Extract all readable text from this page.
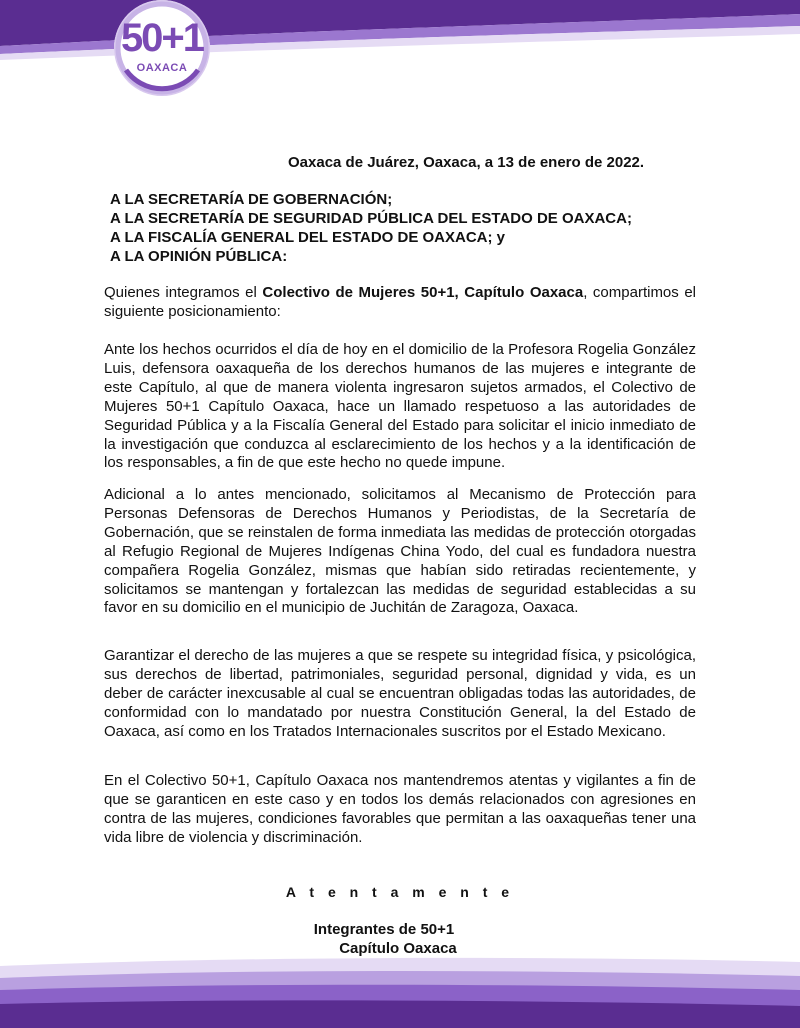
50+1
OAXACA
Oaxaca de Juárez, Oaxaca, a 13 de enero de 2022.
A LA SECRETARÍA DE GOBERNACIÓN;
A LA SECRETARÍA DE SEGURIDAD PÚBLICA DEL ESTADO DE OAXACA;
A LA FISCALÍA GENERAL DEL ESTADO DE OAXACA; y
A LA OPINIÓN PÚBLICA:

Quienes integramos el Colectivo de Mujeres 50+1, Capítulo Oaxaca, compartimos el siguiente posicionamiento:

Ante los hechos ocurridos el día de hoy en el domicilio de la Profesora Rogelia González Luis, defensora oaxaqueña de los derechos humanos de las mujeres e integrante de este Capítulo, al que de manera violenta ingresaron sujetos armados, el Colectivo de Mujeres 50+1 Capítulo Oaxaca, hace un llamado respetuoso a las autoridades de Seguridad Pública y a la Fiscalía General del Estado para solicitar el inicio inmediato de la investigación que conduzca al esclarecimiento de los hechos y a la identificación de los responsables, a fin de que este hecho no quede impune.

Adicional a lo antes mencionado, solicitamos al Mecanismo de Protección para Personas Defensoras de Derechos Humanos y Periodistas, de la Secretaría de Gobernación, que se reinstalen de forma inmediata las medidas de protección otorgadas al Refugio Regional de Mujeres Indígenas China Yodo, del cual es fundadora nuestra compañera Rogelia González, mismas que habían sido retiradas recientemente, y solicitamos se mantengan y fortalezcan las medidas de seguridad establecidas a su favor en su domicilio en el municipio de Juchitán de Zaragoza, Oaxaca.

Garantizar el derecho de las mujeres a que se respete su integridad física, y psicológica, sus derechos de libertad, patrimoniales, seguridad personal, dignidad y vida, es un deber de carácter inexcusable al cual se encuentran obligadas todas las autoridades, de conformidad con lo mandatado por nuestra Constitución General, la del Estado de Oaxaca, así como en los Tratados Internacionales suscritos por el Estado Mexicano.

En el Colectivo 50+1, Capítulo Oaxaca nos mantendremos atentas y vigilantes a fin de que se garanticen en este caso y en todos los demás relacionados con agresiones en contra de las mujeres, condiciones favorables que permitan a las oaxaqueñas tener una vida libre de violencia y discriminación.

A t e n t a m e n t e
Integrantes de 50+1
Capítulo Oaxaca
